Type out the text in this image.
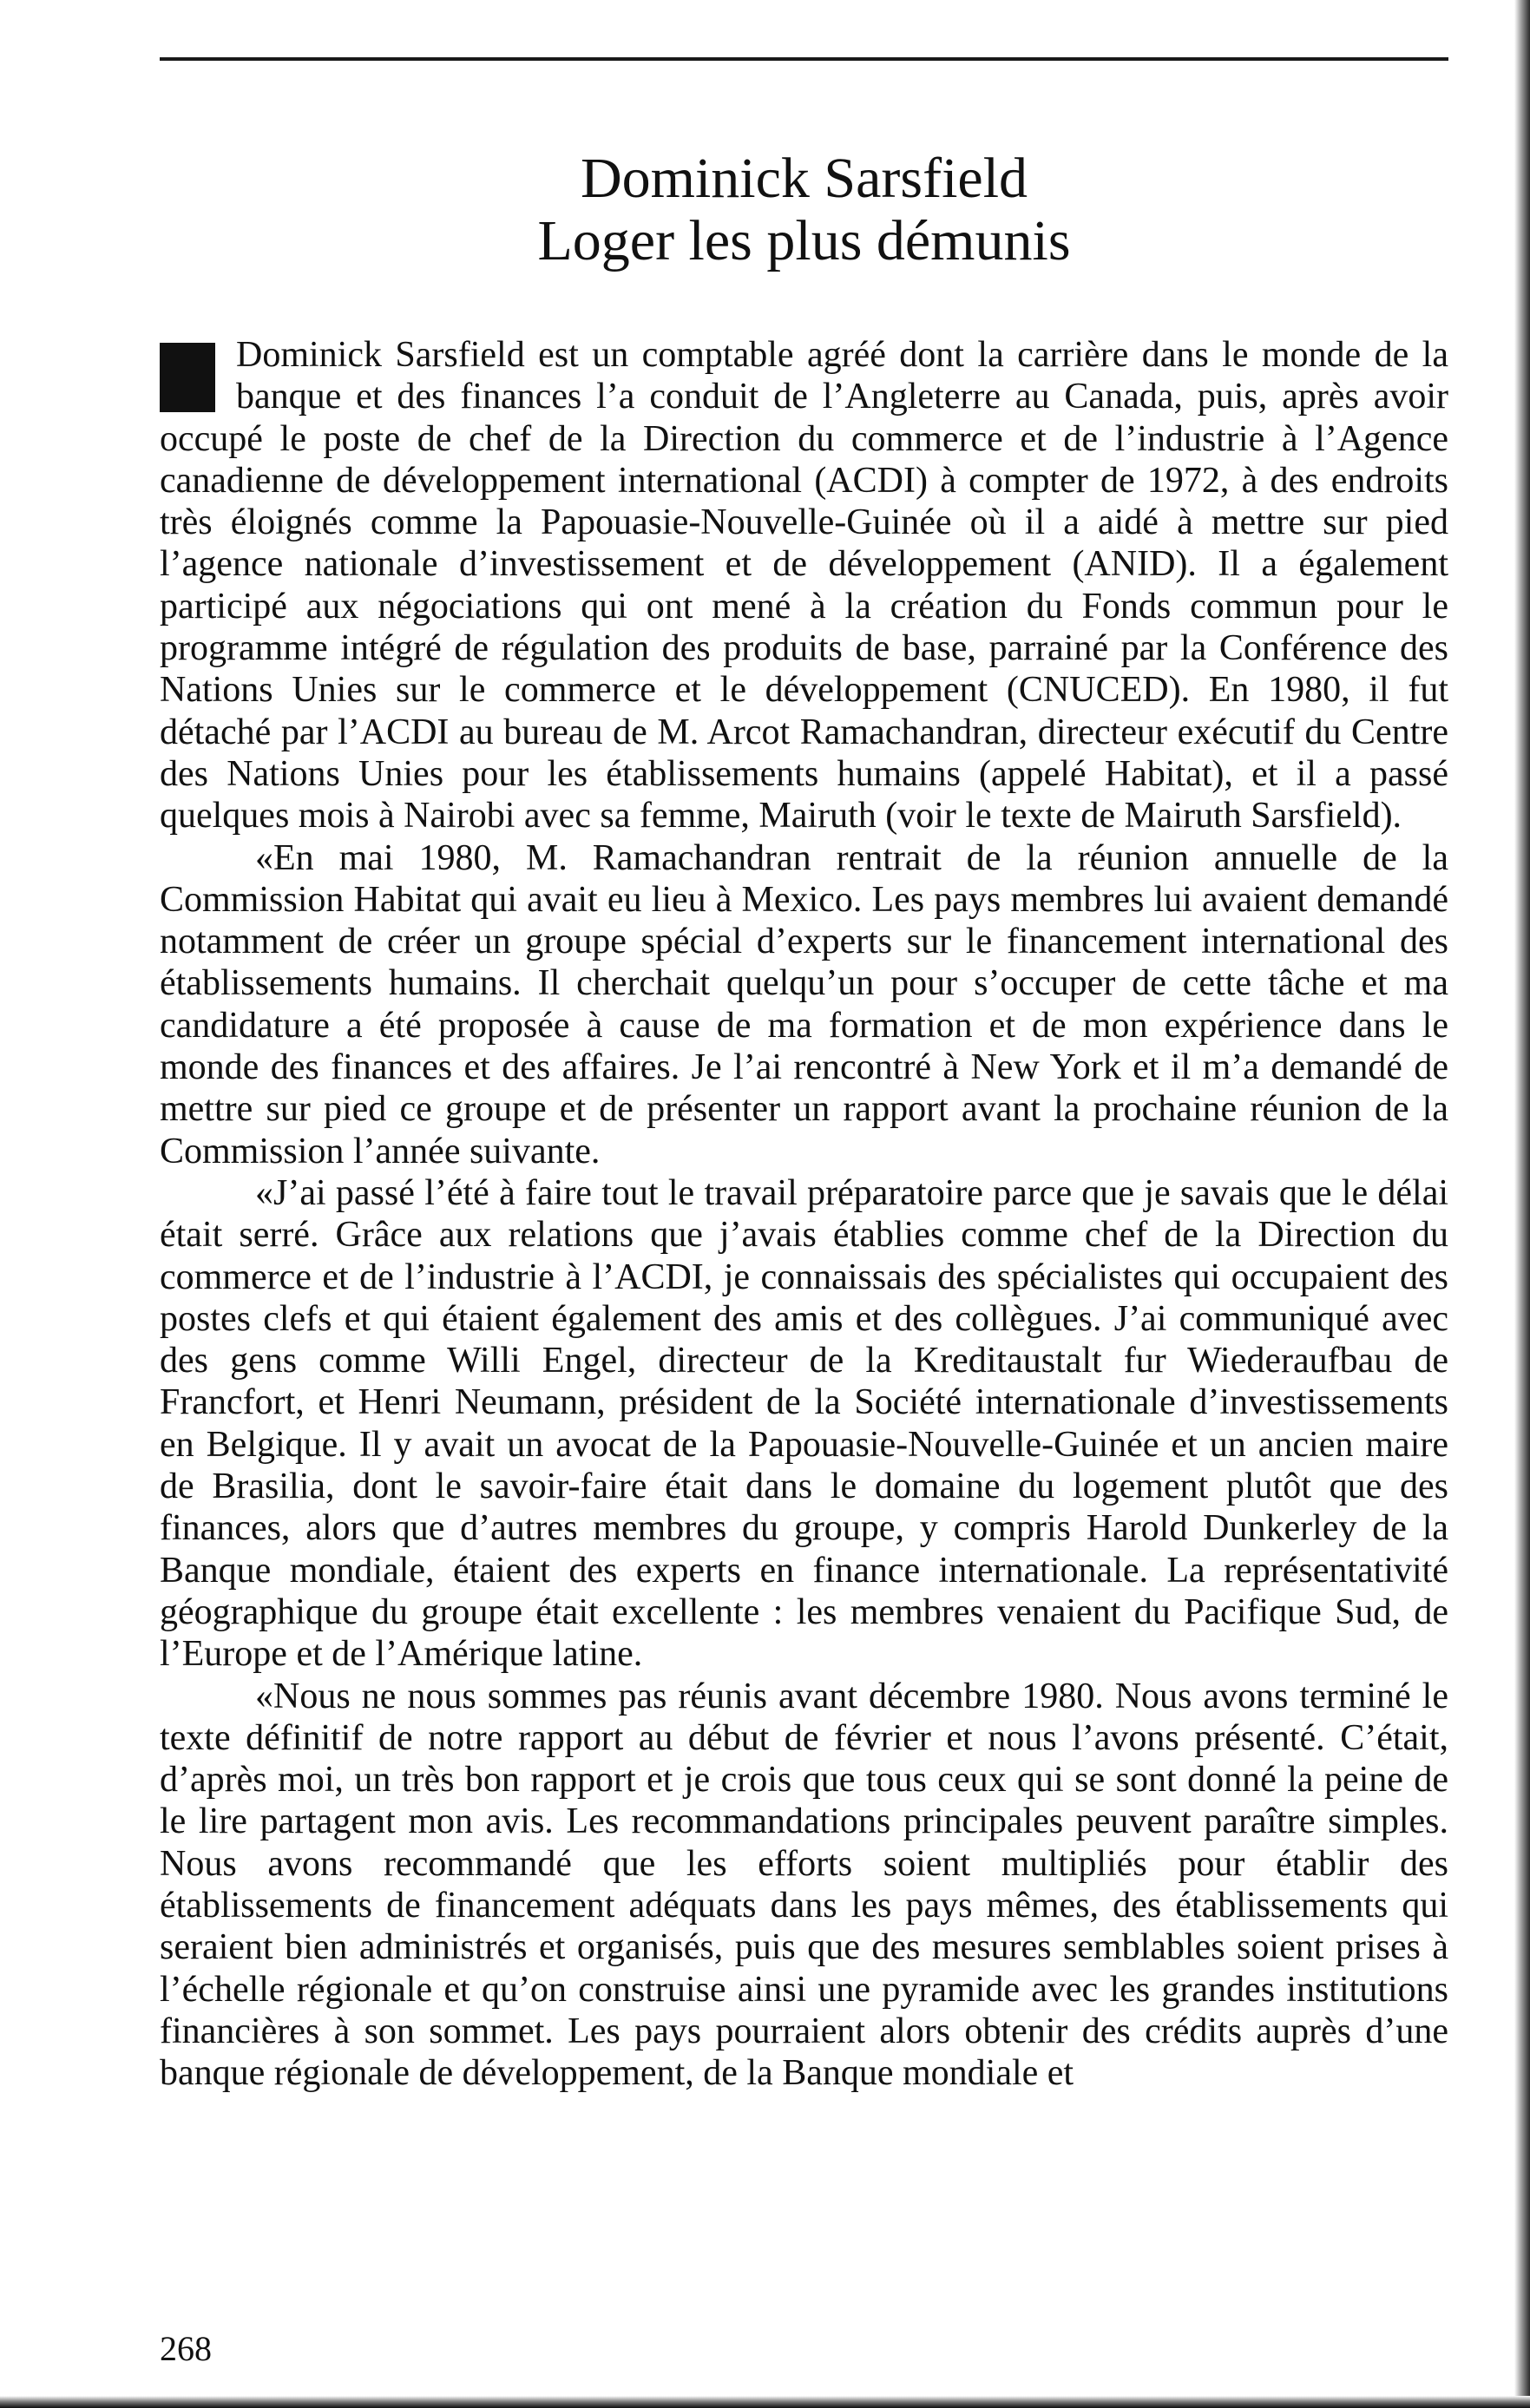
Dominick Sarsfield
Loger les plus démunis

Dominick Sarsfield est un comptable agréé dont la carrière dans le monde de la banque et des finances l’a conduit de l’Angleterre au Canada, puis, après avoir occupé le poste de chef de la Direction du commerce et de l’industrie à l’Agence canadienne de développement international (ACDI) à compter de 1972, à des endroits très éloignés comme la Papouasie-Nouvelle-Guinée où il a aidé à mettre sur pied l’agence nationale d’investissement et de développement (ANID). Il a également participé aux négociations qui ont mené à la création du Fonds commun pour le programme intégré de régulation des produits de base, parrainé par la Conférence des Nations Unies sur le commerce et le développement (CNUCED). En 1980, il fut détaché par l’ACDI au bureau de M. Arcot Ramachandran, directeur exécutif du Centre des Nations Unies pour les établissements humains (appelé Habitat), et il a passé quelques mois à Nairobi avec sa femme, Mairuth (voir le texte de Mairuth Sarsfield).

«En mai 1980, M. Ramachandran rentrait de la réunion annuelle de la Commission Habitat qui avait eu lieu à Mexico. Les pays membres lui avaient demandé notamment de créer un groupe spécial d’experts sur le financement international des établissements humains. Il cherchait quelqu’un pour s’occuper de cette tâche et ma candidature a été proposée à cause de ma formation et de mon expérience dans le monde des finances et des affaires. Je l’ai rencontré à New York et il m’a demandé de mettre sur pied ce groupe et de présenter un rapport avant la prochaine réunion de la Commission l’année suivante.

«J’ai passé l’été à faire tout le travail préparatoire parce que je savais que le délai était serré. Grâce aux relations que j’avais établies comme chef de la Direction du commerce et de l’industrie à l’ACDI, je connaissais des spécialistes qui occupaient des postes clefs et qui étaient également des amis et des collègues. J’ai communiqué avec des gens comme Willi Engel, directeur de la Kreditaustalt fur Wiederaufbau de Francfort, et Henri Neumann, président de la Société internationale d’investissements en Belgique. Il y avait un avocat de la Papouasie-Nouvelle-Guinée et un ancien maire de Brasilia, dont le savoir-faire était dans le domaine du logement plutôt que des finances, alors que d’autres membres du groupe, y compris Harold Dunkerley de la Banque mondiale, étaient des experts en finance internationale. La représentativité géographique du groupe était excellente : les membres venaient du Pacifique Sud, de l’Europe et de l’Amérique latine.

«Nous ne nous sommes pas réunis avant décembre 1980. Nous avons terminé le texte définitif de notre rapport au début de février et nous l’avons présenté. C’était, d’après moi, un très bon rapport et je crois que tous ceux qui se sont donné la peine de le lire partagent mon avis. Les recommandations principales peuvent paraître simples. Nous avons recommandé que les efforts soient multipliés pour établir des établissements de financement adéquats dans les pays mêmes, des établissements qui seraient bien administrés et organisés, puis que des mesures semblables soient prises à l’échelle régionale et qu’on construise ainsi une pyramide avec les grandes institutions financières à son sommet. Les pays pourraient alors obtenir des crédits auprès d’une banque régionale de développement, de la Banque mondiale et

268
